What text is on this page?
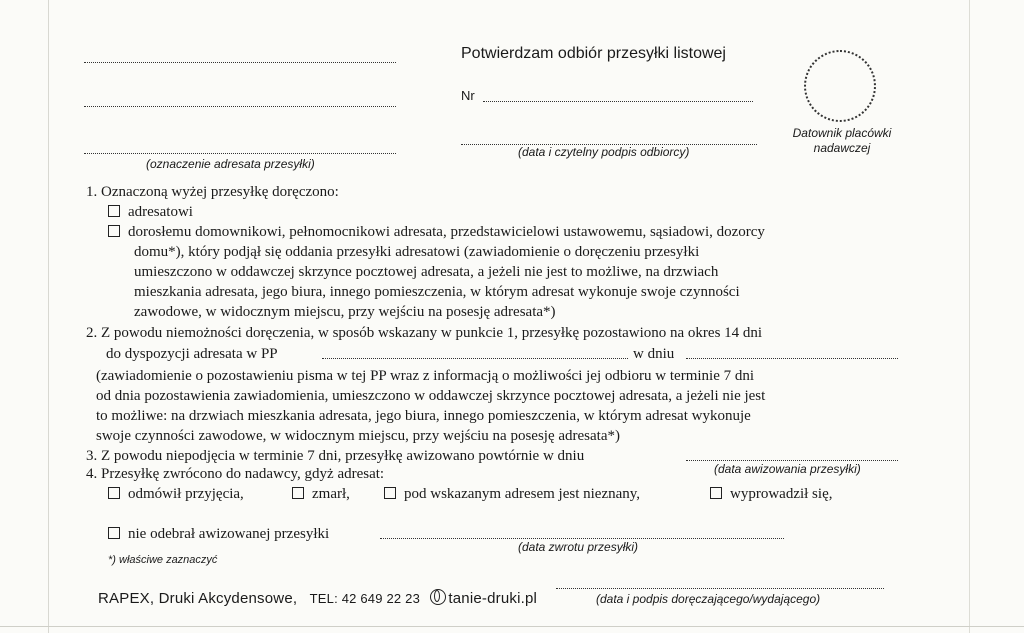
(oznaczenie adresata przesyłki)
Potwierdzam odbiór przesyłki listowej
Nr
(data i czytelny podpis odbiorcy)
Datownik placówki
nadawczej
1. Oznaczoną wyżej przesyłkę doręczono:
adresatowi
dorosłemu domownikowi, pełnomocnikowi adresata, przedstawicielowi ustawowemu, sąsiadowi, dozorcy
domu*), który podjął się oddania przesyłki adresatowi (zawiadomienie o doręczeniu przesyłki
umieszczono w oddawczej skrzynce pocztowej adresata, a jeżeli nie jest to możliwe, na drzwiach
mieszkania adresata, jego biura, innego pomieszczenia, w którym adresat wykonuje swoje czynności
zawodowe, w widocznym miejscu, przy wejściu na posesję adresata*)
2. Z powodu niemożności doręczenia, w sposób wskazany w punkcie 1, przesyłkę pozostawiono na okres 14 dni
do dyspozycji adresata w PP	w dniu
(zawiadomienie o pozostawieniu pisma w tej PP wraz z informacją o możliwości jej odbioru w terminie 7 dni
od dnia pozostawienia zawiadomienia, umieszczono w oddawczej skrzynce pocztowej adresata, a jeżeli nie jest
to możliwe: na drzwiach mieszkania adresata, jego biura, innego pomieszczenia, w którym adresat wykonuje
swoje czynności zawodowe, w widocznym miejscu, przy wejściu na posesję adresata*)
3. Z powodu niepodjęcia w terminie 7 dni, przesyłkę awizowano powtórnie w dniu
(data awizowania przesyłki)
4. Przesyłkę zwrócono do nadawcy, gdyż adresat:
odmówił przyjęcia,	zmarł,	pod wskazanym adresem jest nieznany,	wyprowadził się,
nie odebrał awizowanej przesyłki
(data zwrotu przesyłki)
*) właściwe zaznaczyć
RAPEX, Druki Akcydensowe, TEL: 42 649 22 23 tanie-druki.pl	(data i podpis doręczającego/wydającego)
